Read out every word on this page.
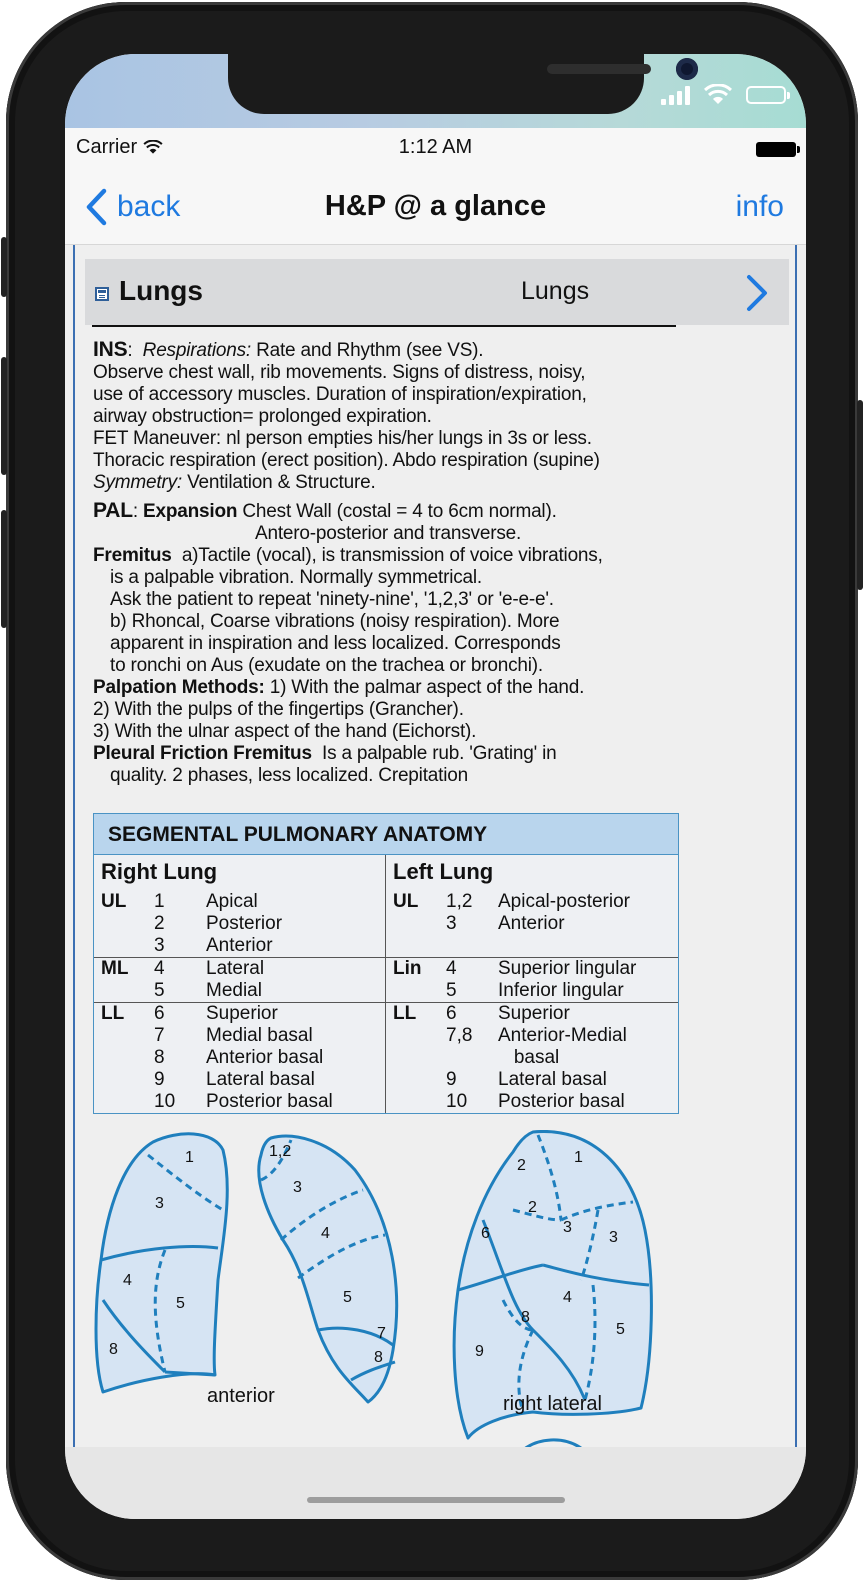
Carrier	1:12 AM
back	H&P @ a glance	info
Lungs	Lungs
INS:  Respirations: Rate and Rhythm (see VS).
Observe chest wall, rib movements. Signs of distress, noisy,
use of accessory muscles. Duration of inspiration/expiration,
airway obstruction= prolonged expiration.
FET Maneuver: nl person empties his/her lungs in 3s or less.
Thoracic respiration (erect position). Abdo respiration (supine)
Symmetry: Ventilation & Structure.
PAL: Expansion Chest Wall (costal = 4 to 6cm normal).
Antero-posterior and transverse.
Fremitus a)Tactile (vocal), is transmission of voice vibrations,
is a palpable vibration. Normally symmetrical.
Ask the patient to repeat 'ninety-nine', '1,2,3' or 'e-e-e'.
b) Rhoncal, Coarse vibrations (noisy respiration). More
apparent in inspiration and less localized. Corresponds
to ronchi on Aus (exudate on the trachea or bronchi).
Palpation Methods: 1) With the palmar aspect of the hand.
2) With the pulps of the fingertips (Grancher).
3) With the ulnar aspect of the hand (Eichorst).
Pleural Friction Fremitus Is a palpable rub. 'Grating' in
quality. 2 phases, less localized. Crepitation
SEGMENTAL PULMONARY ANATOMY
Right Lung
UL	1	Apical
2	Posterior
3	Anterior
ML	4	Lateral
5	Medial
LL	6	Superior
7	Medial basal
8	Anterior basal
9	Lateral basal
10	Posterior basal
Left Lung
UL	1,2	Apical-posterior
3	Anterior
Lin	4	Superior lingular
5	Inferior lingular
LL	6	Superior
7,8	Anterior-Medial
basal
9	Lateral basal
10	Posterior basal
1
3
4
5
8
1,2
3
4
5
7
8
2	1
2
3
3
6
4
8
5
9
anterior	right lateral
